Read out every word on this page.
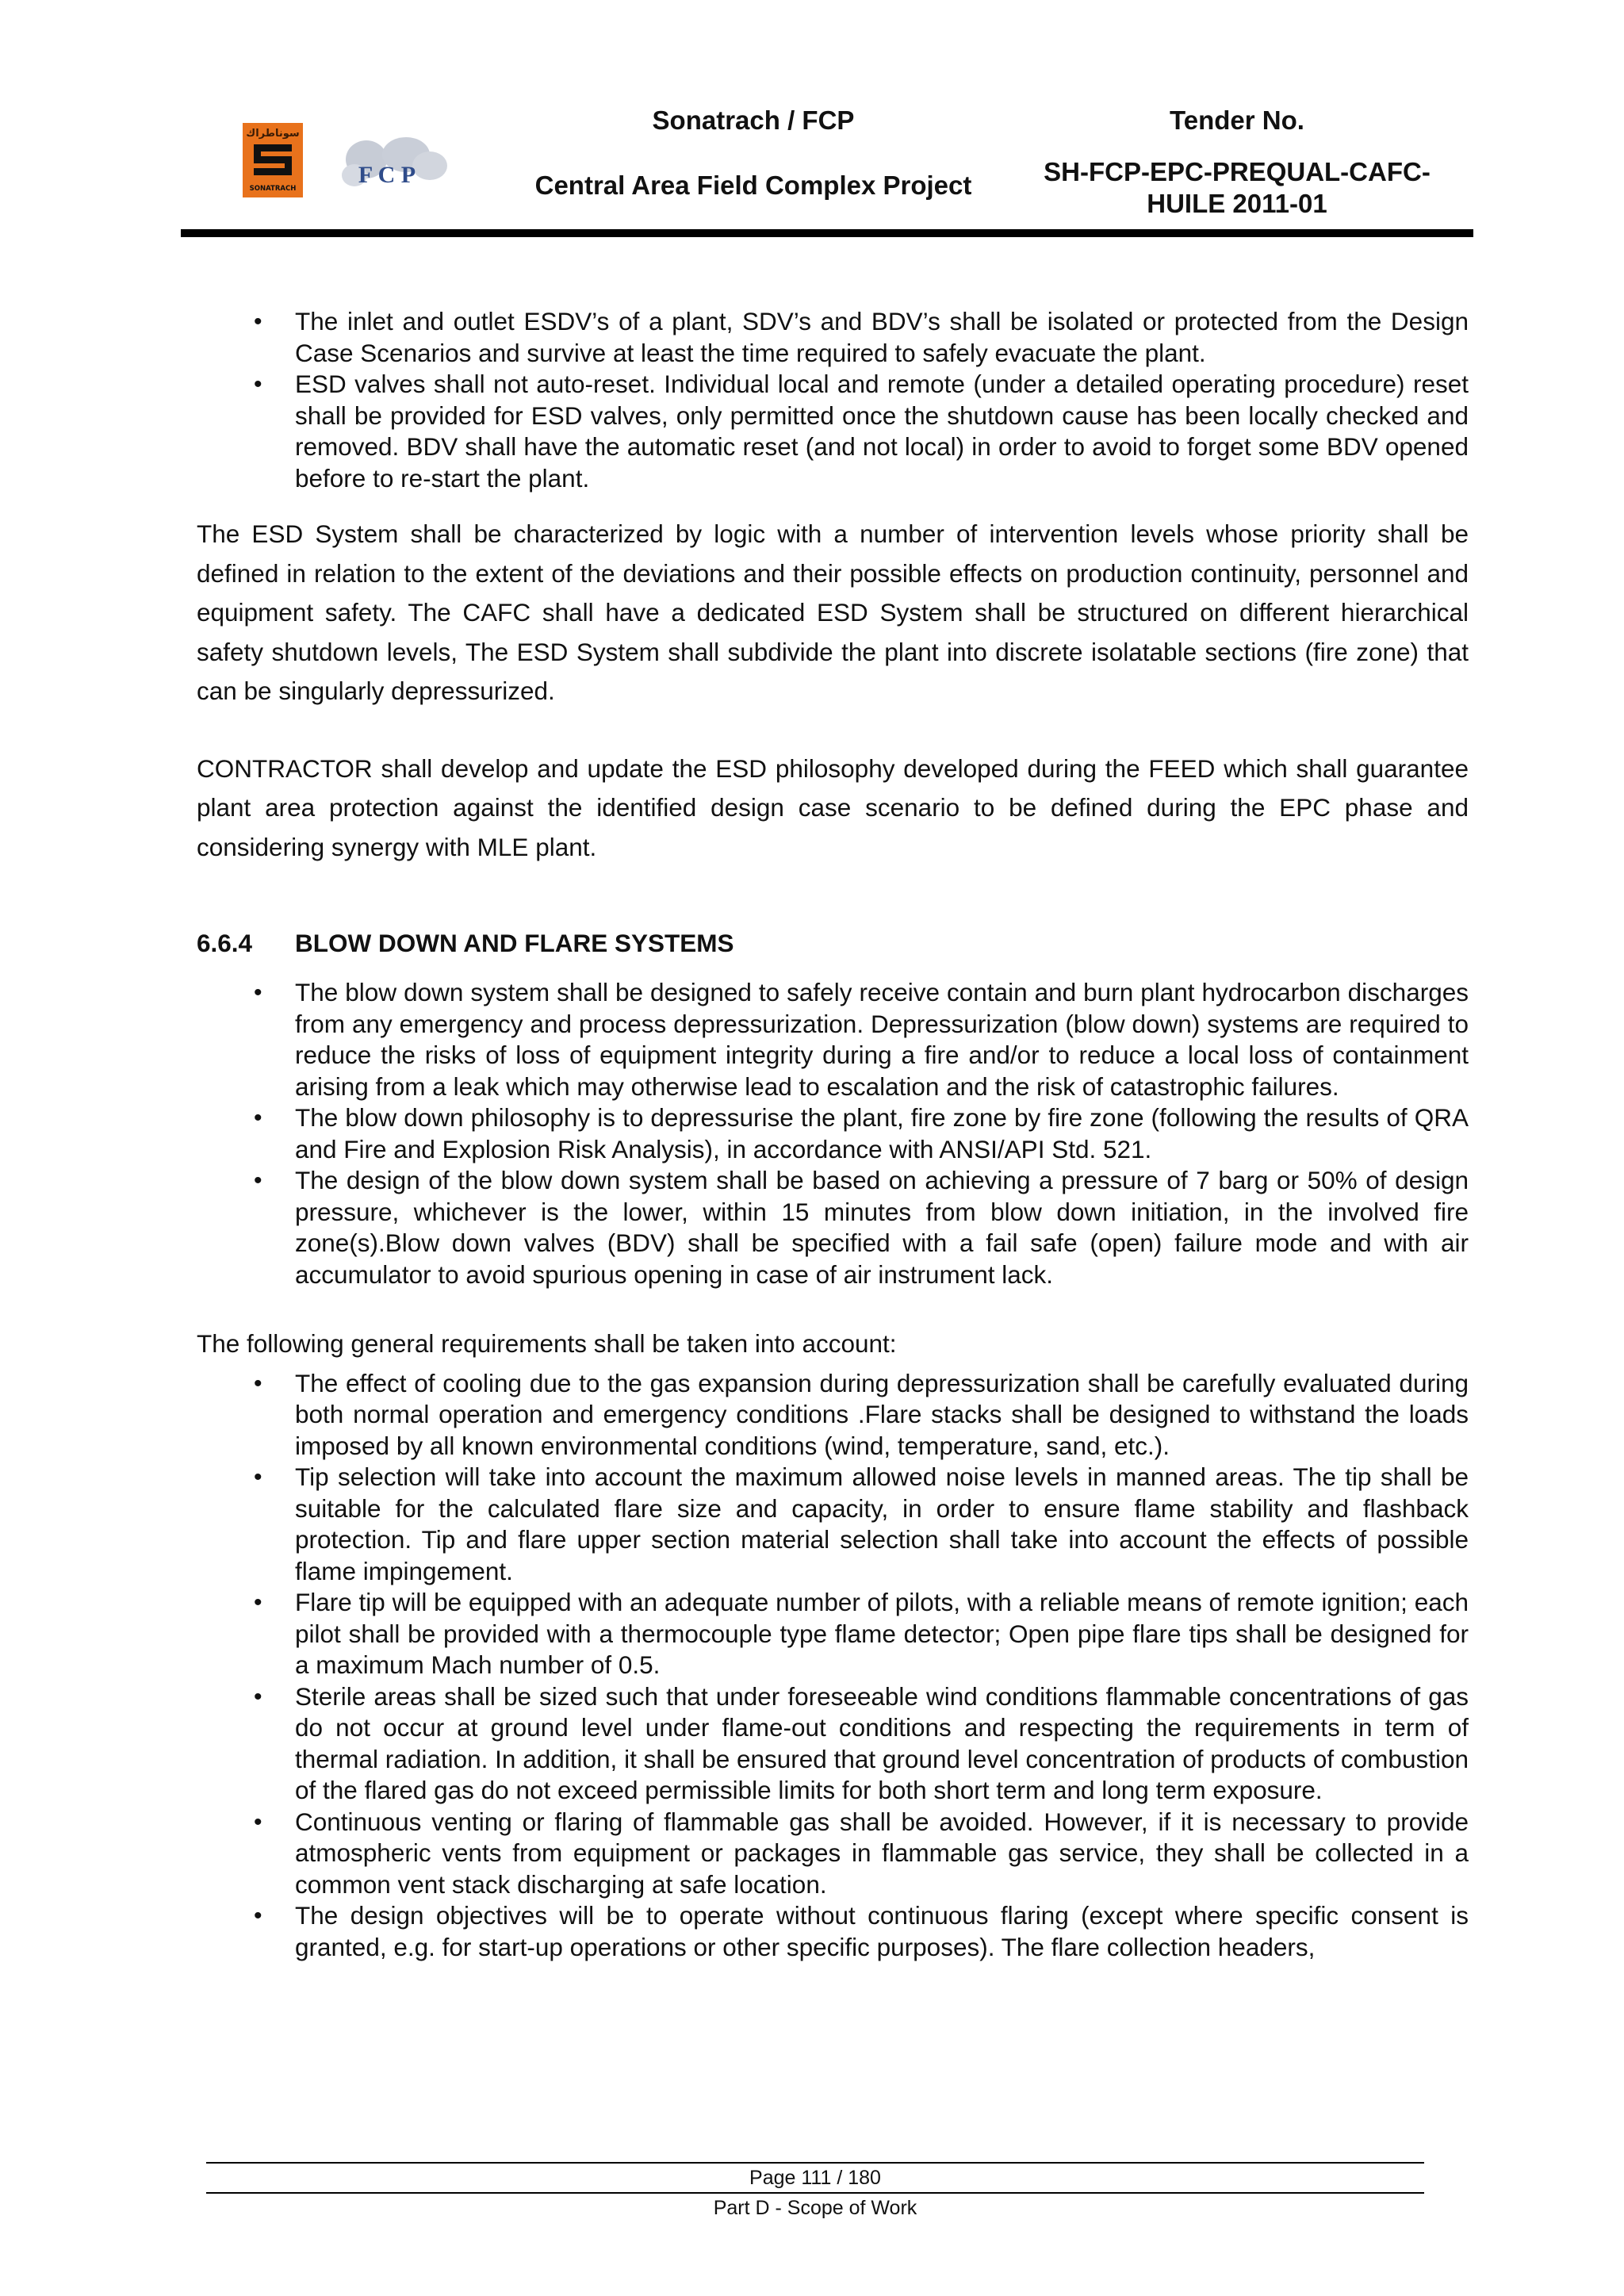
سوناطراك
SONATRACH
F C P
Sonatrach / FCP
Central Area Field Complex Project
Tender No.
SH-FCP-EPC-PREQUAL-CAFC-HUILE 2011-01
• The inlet and outlet ESDV’s of a plant, SDV’s and BDV’s shall be isolated or protected from the Design Case Scenarios and survive at least the time required to safely evacuate the plant.
• ESD valves shall not auto-reset. Individual local and remote (under a detailed operating procedure) reset shall be provided for ESD valves, only permitted once the shutdown cause has been locally checked and removed. BDV shall have the automatic reset (and not local) in order to avoid to forget some BDV opened before to re-start the plant.

The ESD System shall be characterized by logic with a number of intervention levels whose priority shall be defined in relation to the extent of the deviations and their possible effects on production continuity, personnel and equipment safety. The CAFC shall have a dedicated ESD System shall be structured on different hierarchical safety shutdown levels, The ESD System shall subdivide the plant into discrete isolatable sections (fire zone) that can be singularly depressurized.

CONTRACTOR shall develop and update the ESD philosophy developed during the FEED which shall guarantee plant area protection against the identified design case scenario to be defined during the EPC phase and considering synergy with MLE plant.

6.6.4 BLOW DOWN AND FLARE SYSTEMS
• The blow down system shall be designed to safely receive contain and burn plant hydrocarbon discharges from any emergency and process depressurization. Depressurization (blow down) systems are required to reduce the risks of loss of equipment integrity during a fire and/or to reduce a local loss of containment arising from a leak which may otherwise lead to escalation and the risk of catastrophic failures.
• The blow down philosophy is to depressurise the plant, fire zone by fire zone (following the results of QRA and Fire and Explosion Risk Analysis), in accordance with ANSI/API Std. 521.
• The design of the blow down system shall be based on achieving a pressure of 7 barg or 50% of design pressure, whichever is the lower, within 15 minutes from blow down initiation, in the involved fire zone(s).Blow down valves (BDV) shall be specified with a fail safe (open) failure mode and with air accumulator to avoid spurious opening in case of air instrument lack.

The following general requirements shall be taken into account:

• The effect of cooling due to the gas expansion during depressurization shall be carefully evaluated during both normal operation and emergency conditions .Flare stacks shall be designed to withstand the loads imposed by all known environmental conditions (wind, temperature, sand, etc.).
• Tip selection will take into account the maximum allowed noise levels in manned areas. The tip shall be suitable for the calculated flare size and capacity, in order to ensure flame stability and flashback protection. Tip and flare upper section material selection shall take into account the effects of possible flame impingement.
• Flare tip will be equipped with an adequate number of pilots, with a reliable means of remote ignition; each pilot shall be provided with a thermocouple type flame detector; Open pipe flare tips shall be designed for a maximum Mach number of 0.5.
• Sterile areas shall be sized such that under foreseeable wind conditions flammable concentrations of gas do not occur at ground level under flame-out conditions and respecting the requirements in term of thermal radiation. In addition, it shall be ensured that ground level concentration of products of combustion of the flared gas do not exceed permissible limits for both short term and long term exposure.
• Continuous venting or flaring of flammable gas shall be avoided. However, if it is necessary to provide atmospheric vents from equipment or packages in flammable gas service, they shall be collected in a common vent stack discharging at safe location.
• The design objectives will be to operate without continuous flaring (except where specific consent is granted, e.g. for start-up operations or other specific purposes). The flare collection headers,
Page 111 / 180
Part D - Scope of Work
